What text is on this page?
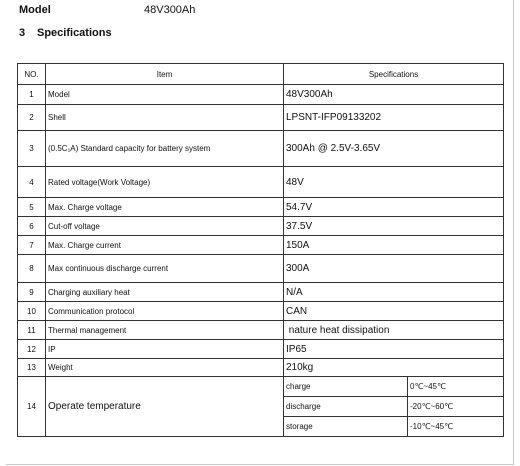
Model	48V300Ah
3 Specifications
NO.	Item	Specifications	
1	Model	48V300Ah	
2	Shell	LPSNT-IFP09133202	
3	(0.5C₁A) Standard capacity for battery system	300Ah @ 2.5V-3.65V	
4	Rated voltage(Work Voltage)	48V	
5	Max. Charge voltage	54.7V	
6	Cut-off voltage	37.5V	
7	Max. Charge current	150A	
8	Max continuous discharge current	300A	
9	Charging auxiliary heat	N/A	
10	Communication protocol	CAN	
11	Thermal management	nature heat dissipation	
12	IP	IP65	
13	Weight	210kg	
14	Operate temperature	charge	0℃~45℃
		discharge	-20℃~60℃
		storage	-10℃~45℃
